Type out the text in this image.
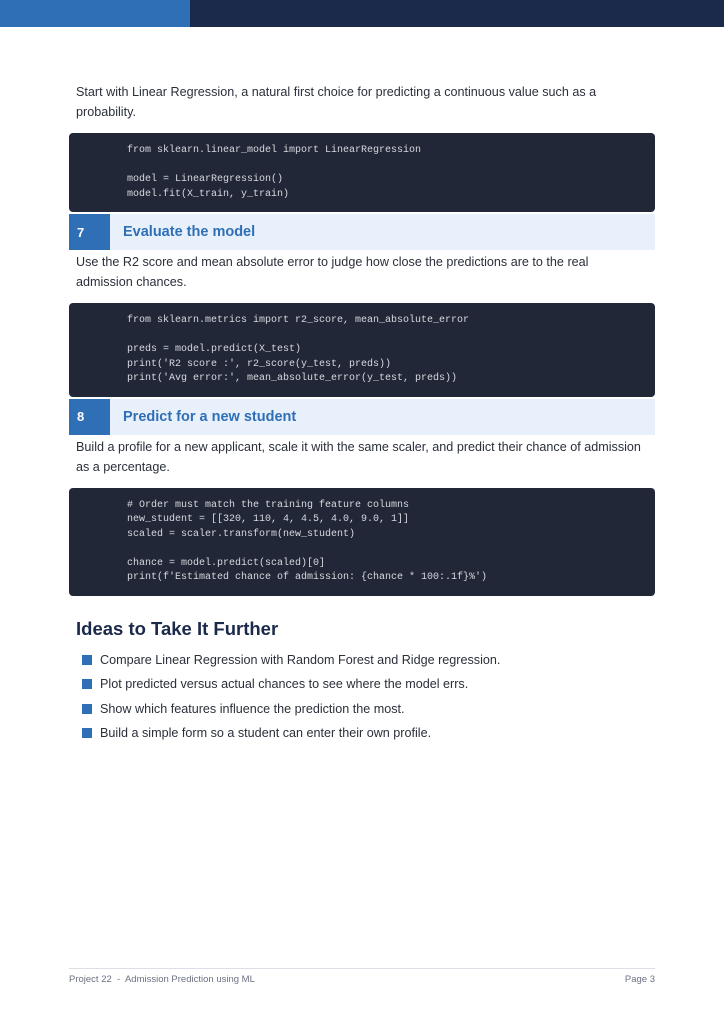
Start with Linear Regression, a natural first choice for predicting a continuous value such as a probability.

from sklearn.linear_model import LinearRegression

model = LinearRegression()
model.fit(X_train, y_train)
7	Evaluate the model

Use the R2 score and mean absolute error to judge how close the predictions are to the real admission chances.

from sklearn.metrics import r2_score, mean_absolute_error

preds = model.predict(X_test)
print('R2 score :', r2_score(y_test, preds))
print('Avg error:', mean_absolute_error(y_test, preds))
8	Predict for a new student

Build a profile for a new applicant, scale it with the same scaler, and predict their chance of admission as a percentage.

# Order must match the training feature columns
new_student = [[320, 110, 4, 4.5, 4.0, 9.0, 1]]
scaled = scaler.transform(new_student)

chance = model.predict(scaled)[0]
print(f'Estimated chance of admission: {chance * 100:.1f}%')
Ideas to Take It Further
Compare Linear Regression with Random Forest and Ridge regression.
Plot predicted versus actual chances to see where the model errs.
Show which features influence the prediction the most.
Build a simple form so a student can enter their own profile.
Project 22  -  Admission Prediction using ML	Page 3
